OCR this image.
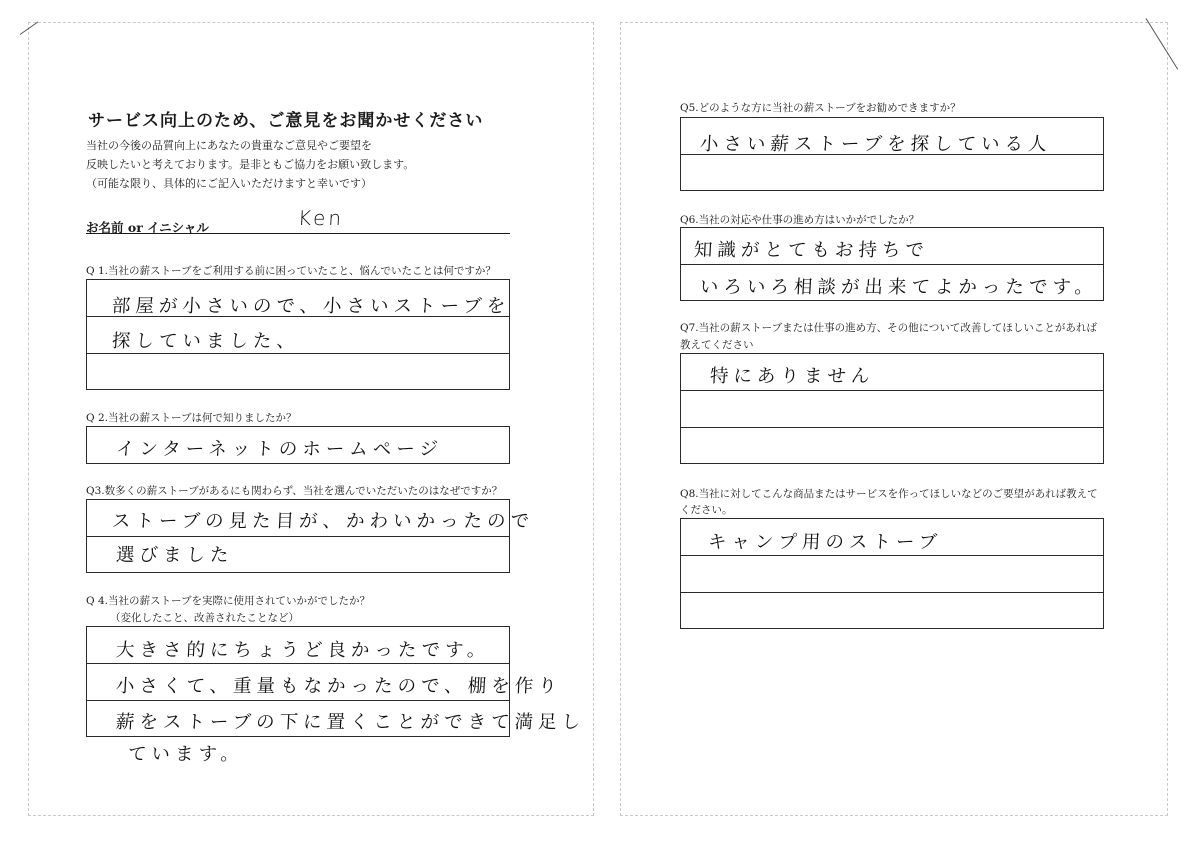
サービス向上のため、ご意見をお聞かせください
当社の今後の品質向上にあなたの貴重なご意見やご要望を
反映したいと考えております。是非ともご協力をお願い致します。
（可能な限り、具体的にご記入いただけますと幸いです）
お名前 or イニシャル	Ken
Q 1.当社の薪ストーブをご利用する前に困っていたこと、悩んでいたことは何ですか？
部屋が小さいので、小さいストーブを
探していました、
Q 2.当社の薪ストーブは何で知りましたか？
インターネットのホームページ
Q3.数多くの薪ストーブがあるにも関わらず、当社を選んでいただいたのはなぜですか？
ストーブの見た目が、かわいかったので
選びました
Q 4.当社の薪ストーブを実際に使用されていかがでしたか？
（変化したこと、改善されたことなど）
大きさ的にちょうど良かったです。
小さくて、重量もなかったので、棚を作り
薪をストーブの下に置くことができて満足し
ています。
Q5.どのような方に当社の薪ストーブをお勧めできますか？
小さい薪ストーブを探している人
Q6.当社の対応や仕事の進め方はいかがでしたか？
知識がとてもお持ちで
いろいろ相談が出来てよかったです。
Q7.当社の薪ストーブまたは仕事の進め方、その他について改善してほしいことがあれば
教えてください
特にありません
Q8.当社に対してこんな商品またはサービスを作ってほしいなどのご要望があれば教えて
ください。
キャンプ用のストーブ
